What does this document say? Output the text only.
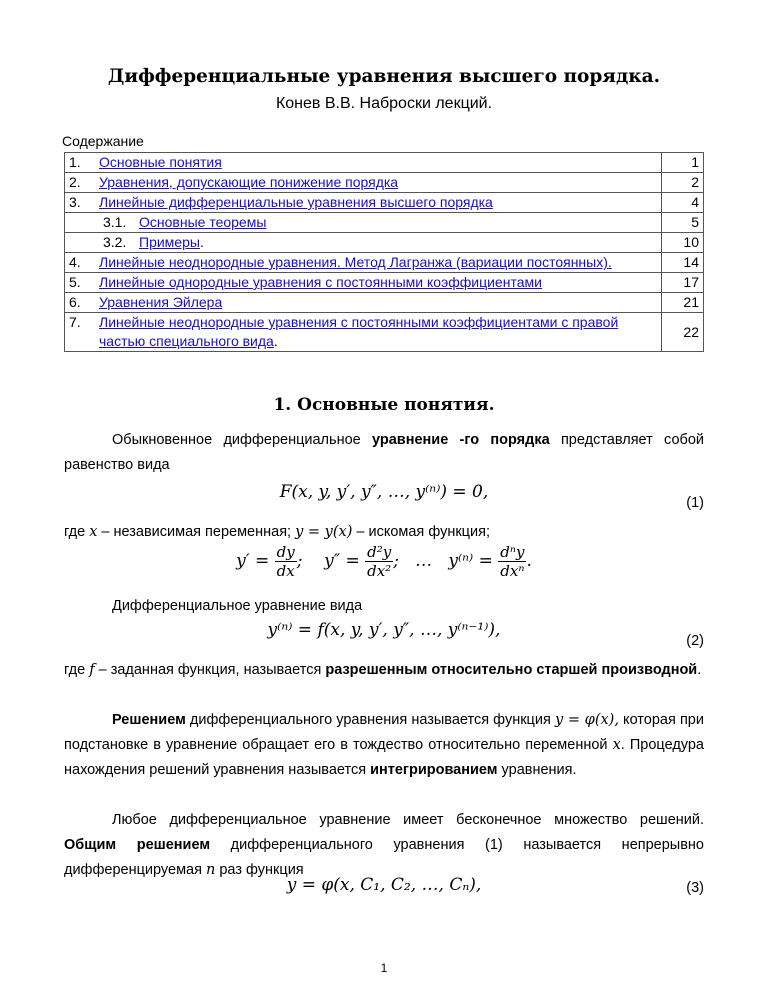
Дифференциальные уравнения высшего порядка.
Конев В.В. Наброски лекций.
Содержание
1. Основные понятия	1

2. Уравнения, допускающие понижение порядка	2

3. Линейные дифференциальные уравнения высшего порядка	4

3.1. Основные теоремы	5

3.2. Примеры.	10

4. Линейные неоднородные уравнения. Метод Лагранжа (вариации постоянных).	14

5. Линейные однородные уравнения с постоянными коэффициентами	17

6. Уравнения Эйлера	21

7. Линейные неоднородные уравнения с постоянными коэффициентами с правой частью специального вида.	22
1. Основные понятия.
Обыкновенное дифференциальное уравнение -го порядка представляет собой равенство вида
F(x, y, y′, y″, …, y⁽ⁿ⁾) = 0,
(1)
где x – независимая переменная; y = y(x) – искомая функция;
$y' = \frac{dy}{dx}$ ; $y'' = \frac{\text{d²y}}{\text{dx²}}$ ; … $y^{(n)} = \frac{\text{dⁿy}}{\text{dxⁿ}}$ .
Дифференциальное уравнение вида
y⁽ⁿ⁾ = f(x, y, y′, y″, …, y⁽ⁿ⁻¹⁾),
(2)
где f – заданная функция, называется разрешенным относительно старшей производной.
Решением дифференциального уравнения называется функция y = φ(x), которая при подстановке в уравнение обращает его в тождество относительно переменной x. Процедура нахождения решений уравнения называется интегрированием уравнения.
Любое дифференциальное уравнение имеет бесконечное множество решений. Общим решением дифференциального уравнения (1) называется непрерывно дифференцируемая n раз функция
y = φ(x, C₁, C₂, …, Cₙ),	(3)
1
